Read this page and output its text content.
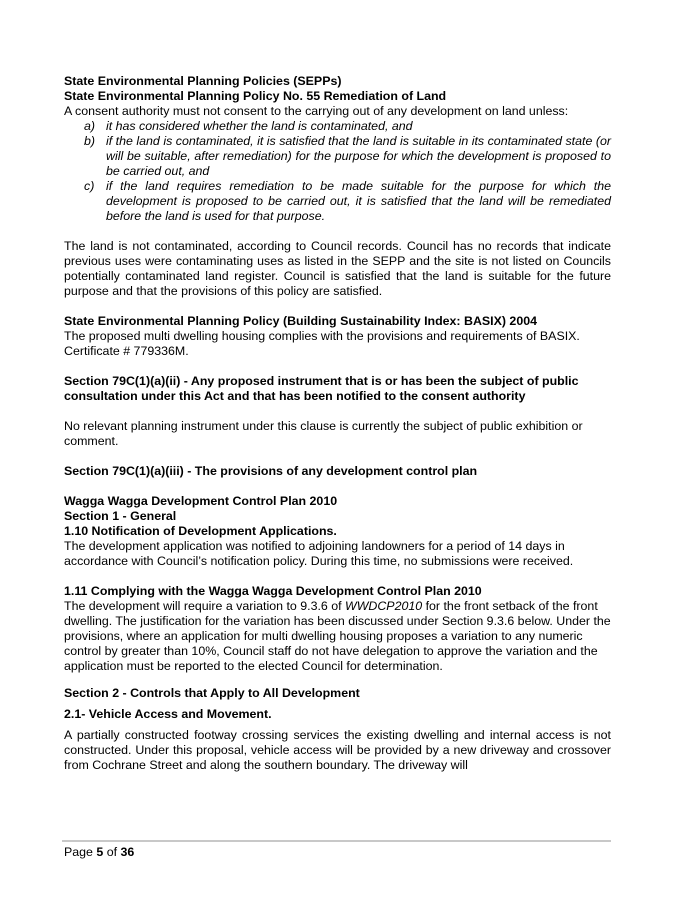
State Environmental Planning Policies (SEPPs)

State Environmental Planning Policy No. 55 Remediation of Land

A consent authority must not consent to the carrying out of any development on land unless:

a) it has considered whether the land is contaminated, and
b) if the land is contaminated, it is satisfied that the land is suitable in its contaminated state (or will be suitable, after remediation) for the purpose for which the development is proposed to be carried out, and
c) if the land requires remediation to be made suitable for the purpose for which the development is proposed to be carried out, it is satisfied that the land will be remediated before the land is used for that purpose.

The land is not contaminated, according to Council records. Council has no records that indicate previous uses were contaminating uses as listed in the SEPP and the site is not listed on Councils potentially contaminated land register. Council is satisfied that the land is suitable for the future purpose and that the provisions of this policy are satisfied.

State Environmental Planning Policy (Building Sustainability Index: BASIX) 2004

The proposed multi dwelling housing complies with the provisions and requirements of BASIX. Certificate # 779336M.

Section 79C(1)(a)(ii) - Any proposed instrument that is or has been the subject of public consultation under this Act and that has been notified to the consent authority

No relevant planning instrument under this clause is currently the subject of public exhibition or comment.

Section 79C(1)(a)(iii) - The provisions of any development control plan

Wagga Wagga Development Control Plan 2010

Section 1 - General

1.10 Notification of Development Applications.

The development application was notified to adjoining landowners for a period of 14 days in accordance with Council’s notification policy. During this time, no submissions were received.

1.11 Complying with the Wagga Wagga Development Control Plan 2010

The development will require a variation to 9.3.6 of WWDCP2010 for the front setback of the front dwelling. The justification for the variation has been discussed under Section 9.3.6 below. Under the provisions, where an application for multi dwelling housing proposes a variation to any numeric control by greater than 10%, Council staff do not have delegation to approve the variation and the application must be reported to the elected Council for determination.

Section 2 - Controls that Apply to All Development

2.1- Vehicle Access and Movement.

A partially constructed footway crossing services the existing dwelling and internal access is not constructed. Under this proposal, vehicle access will be provided by a new driveway and crossover from Cochrane Street and along the southern boundary. The driveway will

Page 5 of 36
